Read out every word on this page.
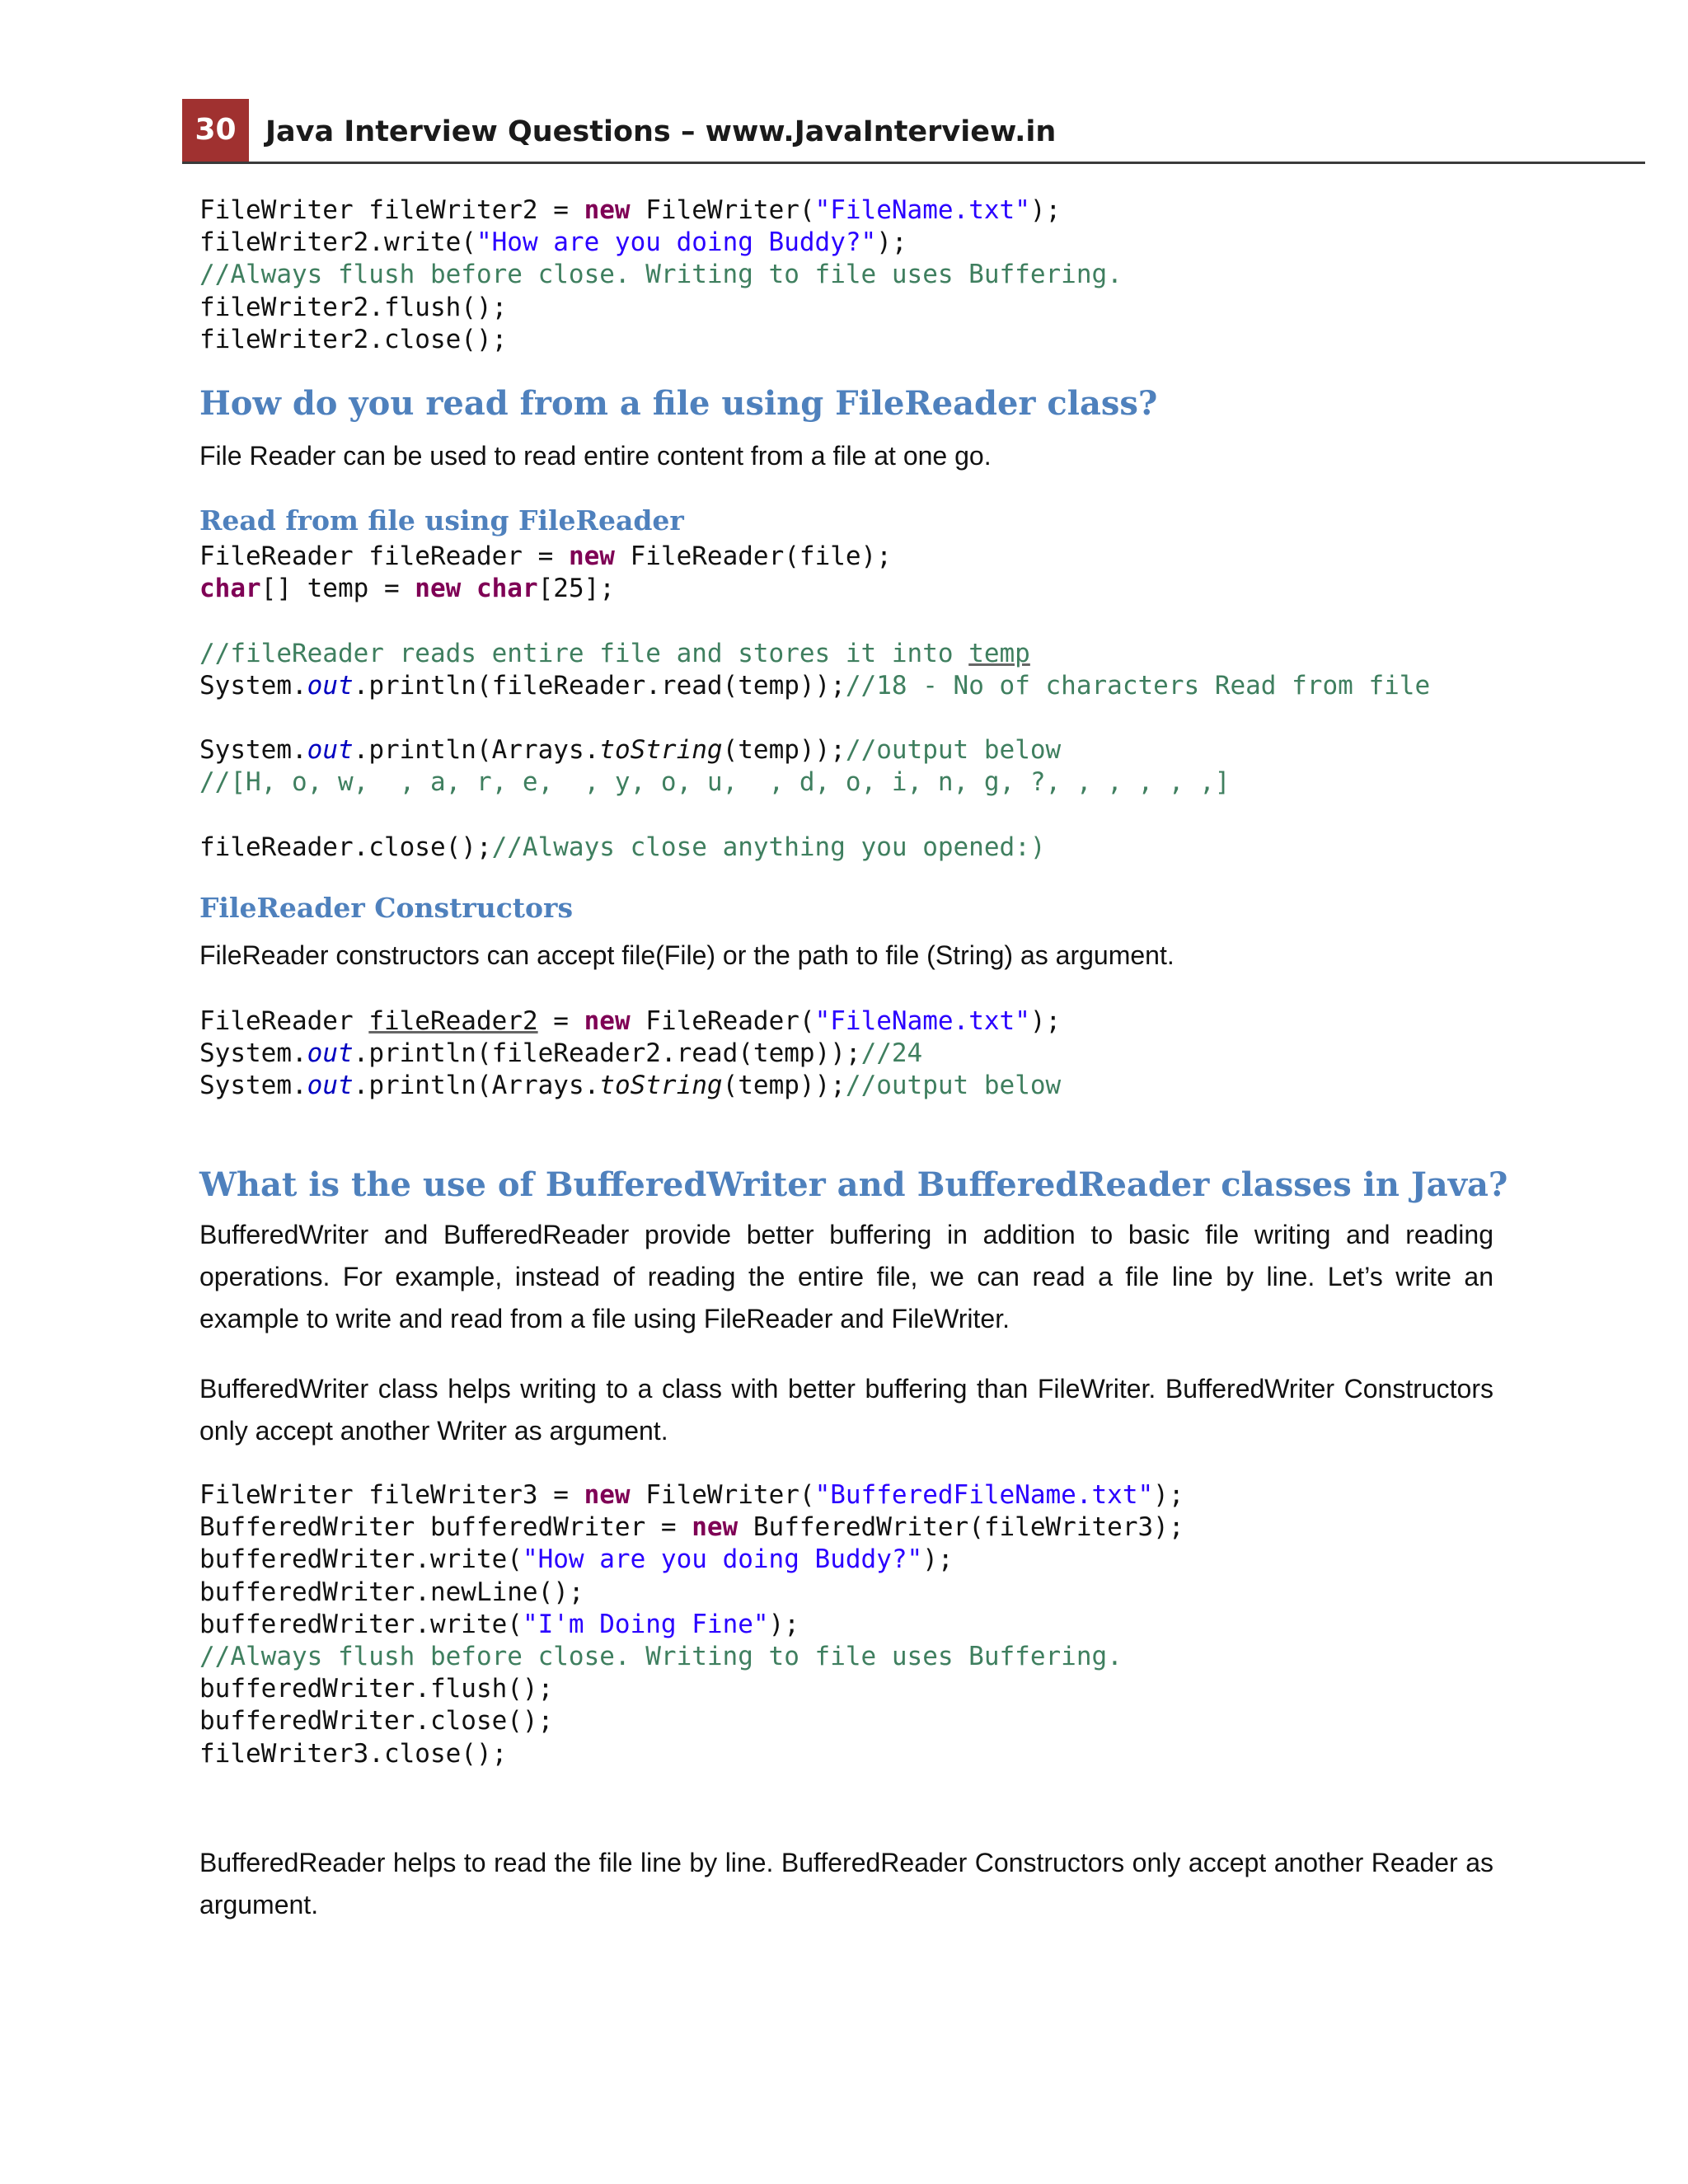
30	Java Interview Questions – www.JavaInterview.in
FileWriter fileWriter2 = new FileWriter("FileName.txt");
fileWriter2.write("How are you doing Buddy?");
//Always flush before close. Writing to file uses Buffering.
fileWriter2.flush();
fileWriter2.close();
How do you read from a file using FileReader class?

File Reader can be used to read entire content from a file at one go.

Read from file using FileReader
FileReader fileReader = new FileReader(file);
char[] temp = new char[25];

//fileReader reads entire file and stores it into temp
System.out.println(fileReader.read(temp));//18 - No of characters Read from file

System.out.println(Arrays.toString(temp));//output below
//[H, o, w,  , a, r, e,  , y, o, u,  , d, o, i, n, g, ?, , , , , ,]

fileReader.close();//Always close anything you opened:)
FileReader Constructors

FileReader constructors can accept file(File) or the path to file (String) as argument.

FileReader fileReader2 = new FileReader("FileName.txt");
System.out.println(fileReader2.read(temp));//24
System.out.println(Arrays.toString(temp));//output below
What is the use of BufferedWriter and BufferedReader classes in Java?

BufferedWriter and BufferedReader provide better buffering in addition to basic file writing and reading operations. For example, instead of reading the entire file, we can read a file line by line. Let’s write an example to write and read from a file using FileReader and FileWriter.

BufferedWriter class helps writing to a class with better buffering than FileWriter. BufferedWriter Constructors only accept another Writer as argument.

FileWriter fileWriter3 = new FileWriter("BufferedFileName.txt");
BufferedWriter bufferedWriter = new BufferedWriter(fileWriter3);
bufferedWriter.write("How are you doing Buddy?");
bufferedWriter.newLine();
bufferedWriter.write("I'm Doing Fine");
//Always flush before close. Writing to file uses Buffering.
bufferedWriter.flush();
bufferedWriter.close();
fileWriter3.close();

BufferedReader helps to read the file line by line. BufferedReader Constructors only accept another Reader as argument.
